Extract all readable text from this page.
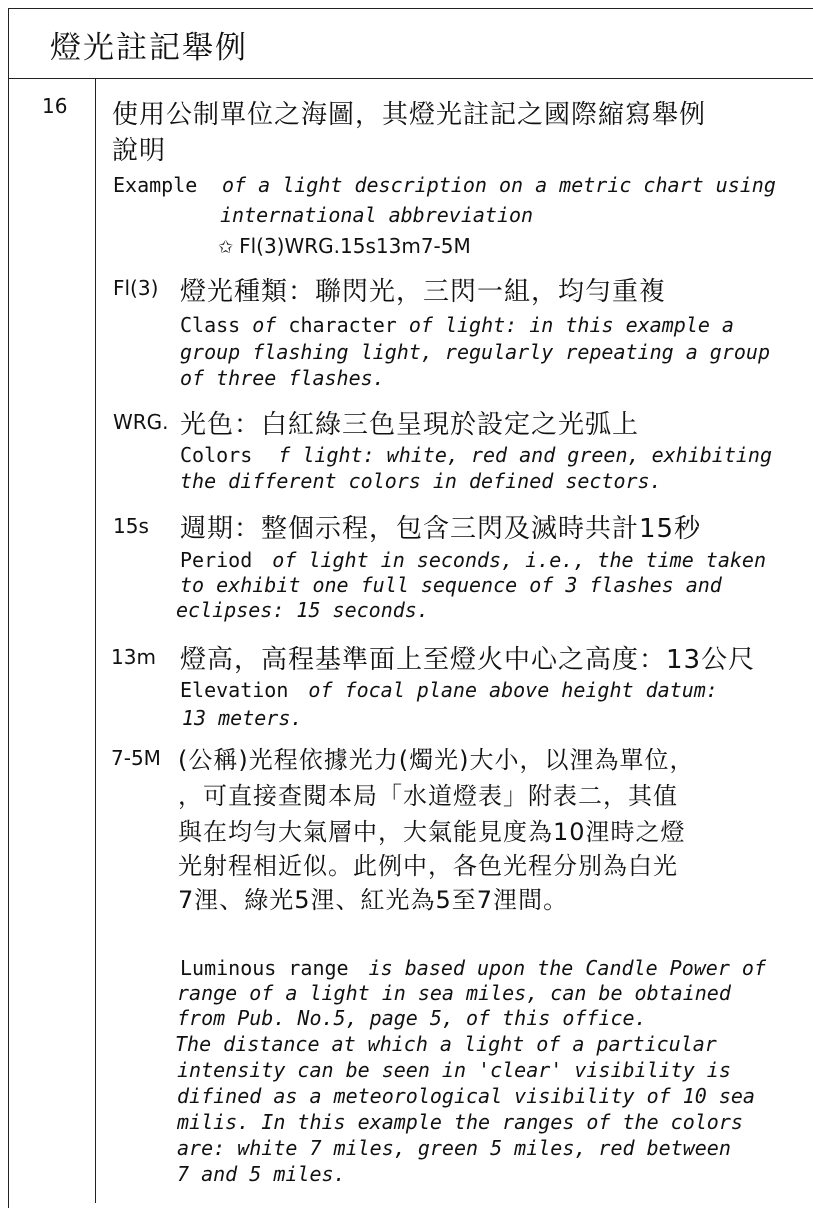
燈光註記舉例
16 使用公制單位之海圖，其燈光註記之國際縮寫舉例
說明
Example of a light description on a metric chart using
international abbreviation
✩ Fl(3)WRG.15s13m7-5M
Fl(3) 燈光種類：聯閃光，三閃一組，均勻重複
Class of character of light: in this example a
group flashing light, regularly repeating a group
of three flashes.
WRG. 光色：白紅綠三色呈現於設定之光弧上
Colors f light: white, red and green, exhibiting
the different colors in defined sectors.
15s 週期：整個示程，包含三閃及滅時共計15秒
Period of light in seconds, i.e., the time taken
to exhibit one full sequence of 3 flashes and
eclipses: 15 seconds.
13m 燈高，高程基準面上至燈火中心之高度：13公尺
Elevation of focal plane above height datum:
13 meters.
7-5M (公稱)光程依據光力(燭光)大小，以浬為單位，
，可直接查閱本局「水道燈表」附表二，其值
與在均勻大氣層中，大氣能見度為10浬時之燈
光射程相近似。此例中，各色光程分別為白光
7浬、綠光5浬、紅光為5至7浬間。
Luminous range is based upon the Candle Power of
range of a light in sea miles, can be obtained
from Pub. No.5, page 5, of this office.
The distance at which a light of a particular
intensity can be seen in 'clear' visibility is
difined as a meteorological visibility of 10 sea
milis. In this example the ranges of the colors
are: white 7 miles, green 5 miles, red between
7 and 5 miles.
